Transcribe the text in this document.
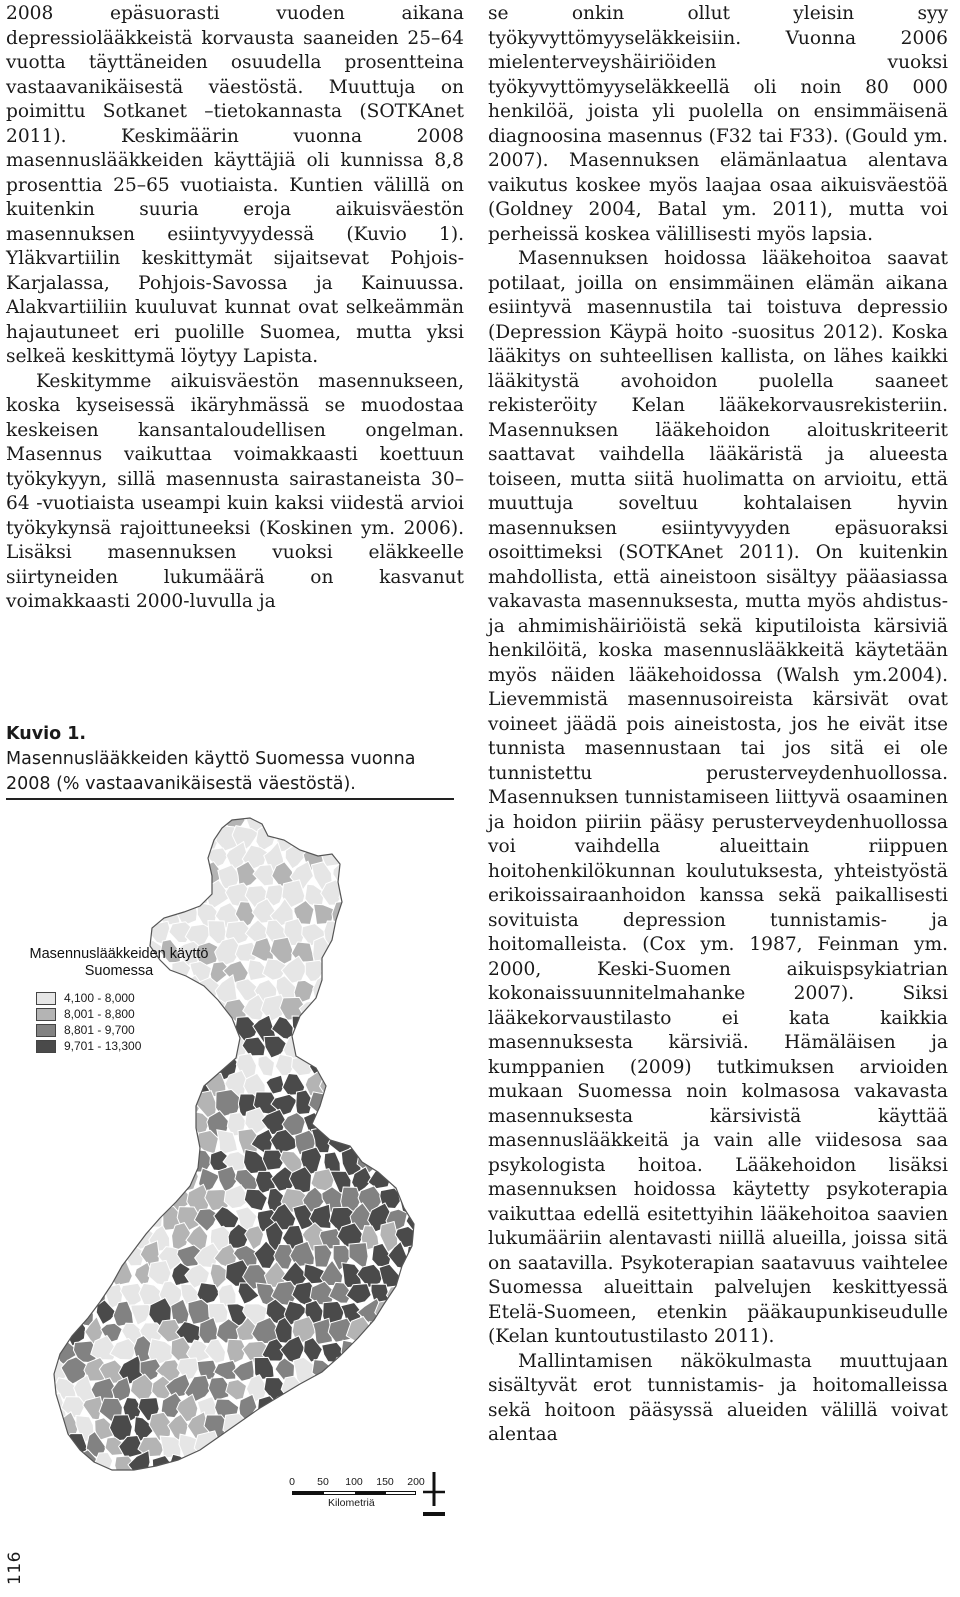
2008 epäsuorasti vuoden aikana depressiolääkkeistä korvausta saaneiden 25–64 vuotta täyttäneiden osuudella prosentteina vastaavanikäisestä väestöstä. Muuttuja on poimittu Sotkanet –tietokannasta (SOTKAnet 2011). Keskimäärin vuonna 2008 masennuslääkkeiden käyttäjiä oli kunnissa 8,8 prosenttia 25–65 vuotiaista. Kuntien välillä on kuitenkin suuria eroja aikuisväestön masennuksen esiintyvyydessä (Kuvio 1). Yläkvartiilin keskittymät sijaitsevat Pohjois-Karjalassa, Pohjois-Savossa ja Kainuussa. Alakvartiiliin kuuluvat kunnat ovat selkeämmän hajautuneet eri puolille Suomea, mutta yksi selkeä keskittymä löytyy Lapista.

Keskitymme aikuisväestön masennukseen, koska kyseisessä ikäryhmässä se muodostaa keskeisen kansantaloudellisen ongelman. Masennus vaikuttaa voimakkaasti koettuun työkykyyn, sillä masennusta sairastaneista 30–64 -vuotiaista useampi kuin kaksi viidestä arvioi työkykynsä rajoittuneeksi (Koskinen ym. 2006). Lisäksi masennuksen vuoksi eläkkeelle siirtyneiden lukumäärä on kasvanut voimakkaasti 2000-luvulla ja

Kuvio 1.
Masennuslääkkeiden käyttö Suomessa vuonna 2008 (% vastaavanikäisestä väestöstä).
Masennuslääkkeiden käyttö Suomessa
4,100 - 8,000
8,001 - 8,800
8,801 - 9,700
9,701 - 13,300
0 50 100 150 200
Kilometriä

se onkin ollut yleisin syy työkyvyttömyyseläkkeisiin. Vuonna 2006 mielenterveyshäiriöiden vuoksi työkyvyttömyyseläkkeellä oli noin 80 000 henkilöä, joista yli puolella on ensimmäisenä diagnoosina masennus (F32 tai F33). (Gould ym. 2007). Masennuksen elämänlaatua alentava vaikutus koskee myös laajaa osaa aikuisväestöä (Goldney 2004, Batal ym. 2011), mutta voi perheissä koskea välillisesti myös lapsia.

Masennuksen hoidossa lääkehoitoa saavat potilaat, joilla on ensimmäinen elämän aikana esiintyvä masennustila tai toistuva depressio (Depression Käypä hoito -suositus 2012). Koska lääkitys on suhteellisen kallista, on lähes kaikki lääkitystä avohoidon puolella saaneet rekisteröity Kelan lääkekorvausrekisteriin. Masennuksen lääkehoidon aloituskriteerit saattavat vaihdella lääkäristä ja alueesta toiseen, mutta siitä huolimatta on arvioitu, että muuttuja soveltuu kohtalaisen hyvin masennuksen esiintyvyyden epäsuoraksi osoittimeksi (SOTKAnet 2011). On kuitenkin mahdollista, että aineistoon sisältyy pääasiassa vakavasta masennuksesta, mutta myös ahdistus- ja ahmimishäiriöistä sekä kiputiloista kärsiviä henkilöitä, koska masennuslääkkeitä käytetään myös näiden lääkehoidossa (Walsh ym.2004). Lievemmistä masennusoireista kärsivät ovat voineet jäädä pois aineistosta, jos he eivät itse tunnista masennustaan tai jos sitä ei ole tunnistettu perusterveydenhuollossa. Masennuksen tunnistamiseen liittyvä osaaminen ja hoidon piiriin pääsy perusterveydenhuollossa voi vaihdella alueittain riippuen hoitohenkilökunnan koulutuksesta, yhteistyöstä erikoissairaanhoidon kanssa sekä paikallisesti sovituista depression tunnistamis- ja hoitomalleista. (Cox ym. 1987, Feinman ym. 2000, Keski-Suomen aikuispsykiatrian kokonaissuunnitelmahanke 2007). Siksi lääkekorvaustilasto ei kata kaikkia masennuksesta kärsiviä. Hämäläisen ja kumppanien (2009) tutkimuksen arvioiden mukaan Suomessa noin kolmasosa vakavasta masennuksesta kärsivistä käyttää masennuslääkkeitä ja vain alle viidesosa saa psykologista hoitoa. Lääkehoidon lisäksi masennuksen hoidossa käytetty psykoterapia vaikuttaa edellä esitettyihin lääkehoitoa saavien lukumääriin alentavasti niillä alueilla, joissa sitä on saatavilla. Psykoterapian saatavuus vaihtelee Suomessa alueittain palvelujen keskittyessä Etelä-Suomeen, etenkin pääkaupunkiseudulle (Kelan kuntoutustilasto 2011).

Mallintamisen näkökulmasta muuttujaan sisältyvät erot tunnistamis- ja hoitomalleissa sekä hoitoon pääsyssä alueiden välillä voivat alentaa

116
